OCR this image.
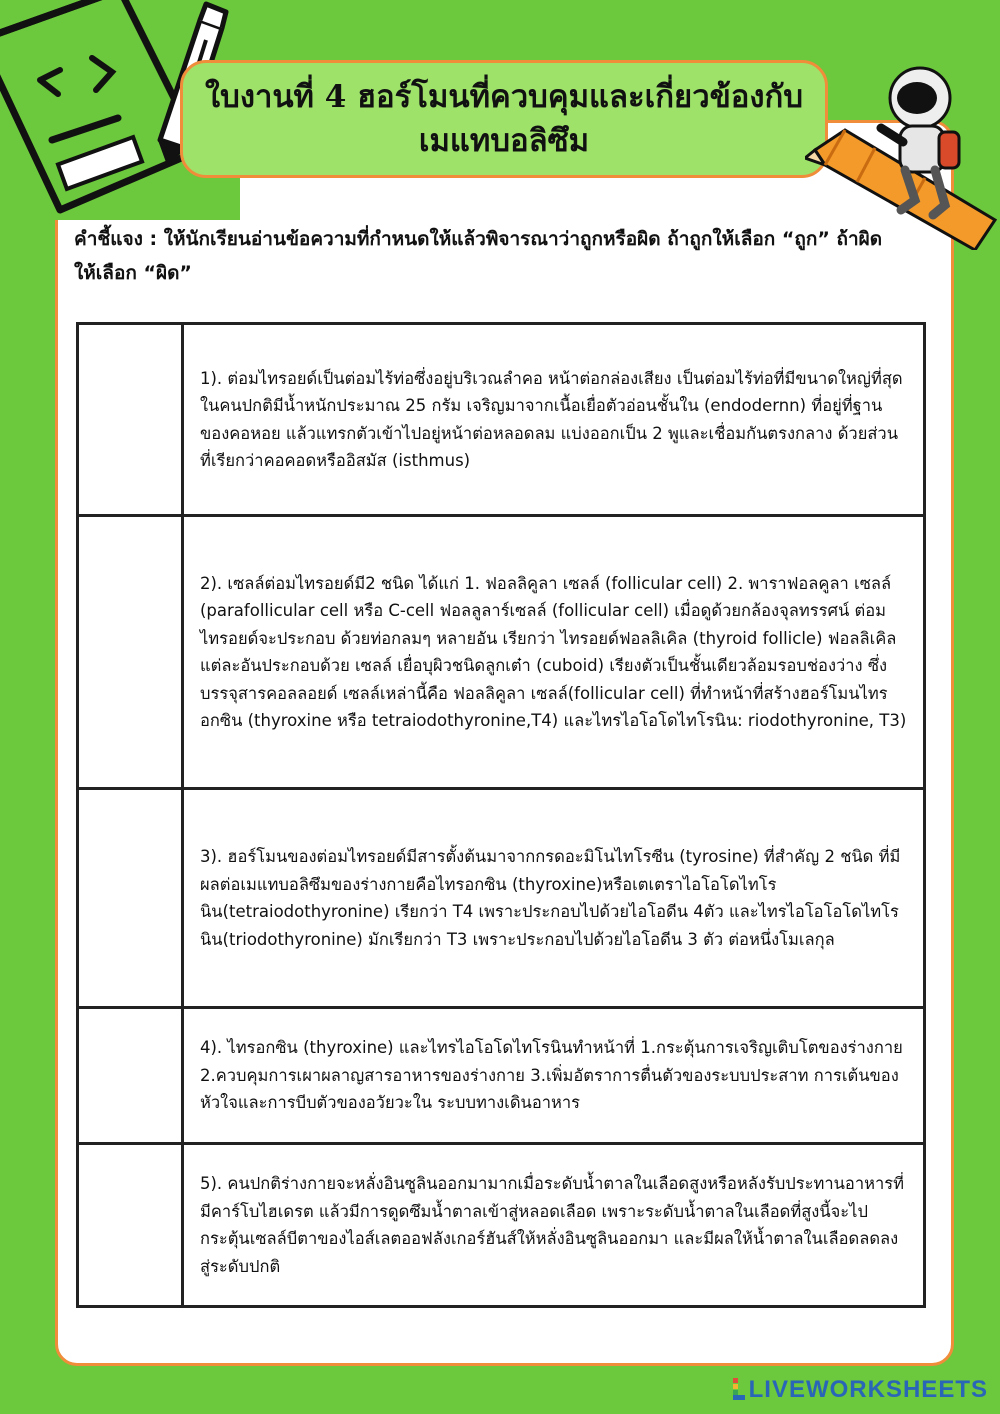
ใบงานที่ 4 ฮอร์โมนที่ควบคุมและเกี่ยวข้องกับ
เมแทบอลิซึม
คำชี้แจง : ให้นักเรียนอ่านข้อความที่กำหนดให้แล้วพิจารณาว่าถูกหรือผิด ถ้าถูกให้เลือก “ถูก” ถ้าผิด
ให้เลือก “ผิด”
	1). ต่อมไทรอยด์เป็นต่อมไร้ท่อซึ่งอยู่บริเวณลำคอ หน้าต่อกล่องเสียง เป็นต่อมไร้ท่อที่มีขนาดใหญ่ที่สุดในคนปกติมีน้ำหนักประมาณ 25 กรัม เจริญมาจากเนื้อเยื่อตัวอ่อนชั้นใน (endodernn) ที่อยู่ที่ฐานของคอหอย แล้วแทรกตัวเข้าไปอยู่หน้าต่อหลอดลม แบ่งออกเป็น 2 พูและเชื่อมกันตรงกลาง ด้วยส่วนที่เรียกว่าคอคอดหรืออิสมัส (isthmus)
	2). เซลล์ต่อมไทรอยด์มี2 ชนิด ได้แก่ 1. ฟอลลิคูลา เซลล์ (follicular cell) 2. พาราฟอลคูลา เซลล์ (parafollicular cell หรือ C-cell ฟอลลูลาร์เซลล์ (follicular cell) เมื่อดูด้วยกล้องจุลทรรศน์ ต่อมไทรอยด์จะประกอบ ด้วยท่อกลมๆ หลายอัน เรียกว่า ไทรอยด์ฟอลลิเคิล (thyroid follicle) ฟอลลิเคิล แต่ละอันประกอบด้วย เซลล์ เยื่อบุผิวชนิดลูกเต๋า (cuboid) เรียงตัวเป็นชั้นเดียวล้อมรอบช่องว่าง ซึ่งบรรจุสารคอลลอยด์ เซลล์เหล่านี้คือ ฟอลลิคูลา เซลล์(follicular cell) ที่ทำหน้าที่สร้างฮอร์โมนไทรอกซิน (thyroxine หรือ tetraiodothyronine,T4) และไทรไอโอโดไทโรนิน: riodothyronine, T3)
	3). ฮอร์โมนของต่อมไทรอยด์มีสารตั้งต้นมาจากกรดอะมิโนไทโรซีน (tyrosine) ที่สำคัญ 2 ชนิด ที่มีผลต่อเมแทบอลิซึมของร่างกายคือไทรอกซิน (thyroxine)หรือเตเตราไอโอโดไทโรนิน(tetraiodothyronine) เรียกว่า T4 เพราะประกอบไปด้วยไอโอดีน 4ตัว และไทรไอโอโอโดไทโรนิน(triodothyronine) มักเรียกว่า T3 เพราะประกอบไปด้วยไอโอดีน 3 ตัว ต่อหนึ่งโมเลกุล
	4). ไทรอกซิน (thyroxine) และไทรไอโอโดไทโรนินทำหน้าที่ 1.กระตุ้นการเจริญเติบโตของร่างกาย 2.ควบคุมการเผาผลาญสารอาหารของร่างกาย 3.เพิ่มอัตราการตื่นตัวของระบบประสาท การเต้นของหัวใจและการบีบตัวของอวัยวะใน ระบบทางเดินอาหาร
	5). คนปกติร่างกายจะหลั่งอินซูลินออกมามากเมื่อระดับน้ำตาลในเลือดสูงหรือหลังรับประทานอาหารที่มีคาร์โบไฮเดรต แล้วมีการดูดซึมน้ำตาลเข้าสู่หลอดเลือด เพราะระดับน้ำตาลในเลือดที่สูงนี้จะไปกระตุ้นเซลล์บีตาของไอส์เลตออฟลังเกอร์ฮันส์ให้หลั่งอินซูลินออกมา และมีผลให้น้ำตาลในเลือดลดลงสู่ระดับปกติ
LIVEWORKSHEETS
